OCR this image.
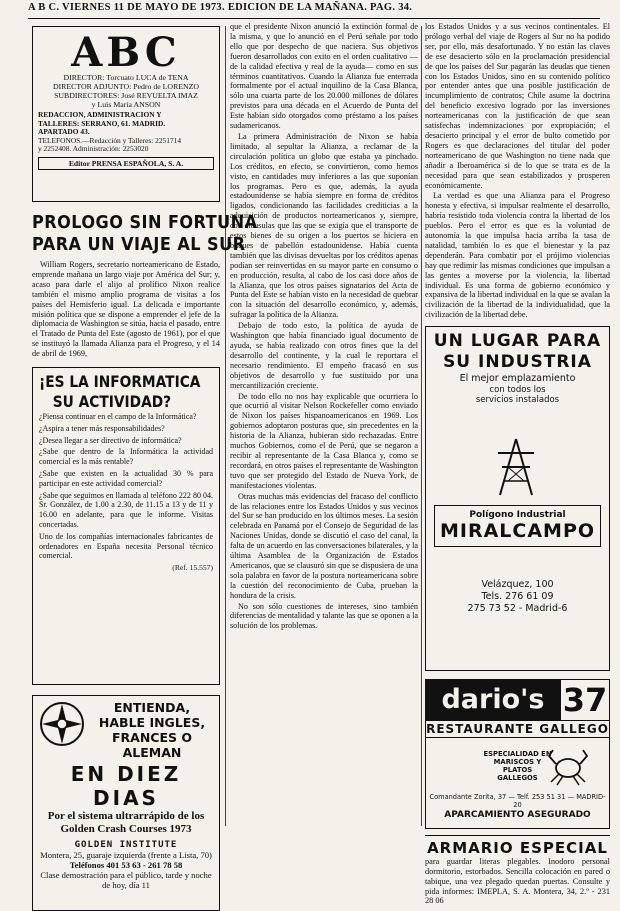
A B C. VIERNES 11 DE MAYO DE 1973. EDICION DE LA MAÑANA. PAG. 34.
ABC
DIRECTOR: Torcuato LUCA de TENA
DIRECTOR ADJUNTO: Pedro de LORENZO
SUBDIRECTORES: José REVUELTA IMAZ
y Luis María ANSON
REDACCION, ADMINISTRACION Y
TALLERES: SERRANO, 61. MADRID.
APARTADO 43.
TELEFONOS.—Redacción y Talleres: 2251714
y 2252408. Administración: 2253020
Editor PRENSA ESPAÑOLA, S. A.
PROLOGO SIN FORTUNA
PARA UN VIAJE AL SUR

William Rogers, secretario norteamericano de Estado, emprende mañana un largo viaje por América del Sur; y, acaso para darle el alijo al prolífico Nixon realice también el mismo amplio programa de visitas a los países del Hemisferio igual. La delicada e importante misión política que se dispone a emprender el jefe de la diplomacia de Washington se sitúa, hacia el pasado, entre el Tratado de Punta del Este (agosto de 1961), por el que se instituyó la llamada Alianza para el Progreso, y el 14 de abril de 1969,

¡ES LA INFORMATICA
SU ACTIVIDAD?
¿Piensa continuar en el campo de la Informática?
¿Aspira a tener más responsabilidades?
¿Desea llegar a ser directivo de informática?
¿Sabe que dentro de la Informática la actividad comercial es la más rentable?
¿Sabe que existen en la actualidad 30 % para participar en este actividad comercial?
¿Sabe que seguimos en llamada al teléfono 222 80 04. Sr. González, de 1.00 a 2.30, de 11.15 a 13 y de 11 y 16.00 en adelante, para que le informe. Visitas concertadas.
Uno de los compañías internacionales fabricantes de ordenadores en España necesita Personal técnico comercial.
(Ref. 15.557)
ENTIENDA, HABLE INGLES, FRANCES O ALEMAN
EN DIEZ DIAS
Por el sistema ultrarrápido de los Golden Crash Courses 1973
GOLDEN INSTITUTE
Montera, 25, guaraje izquierda (frente a Lista, 70)
Teléfonos 401 53 63 - 261 78 58
Clase demostración para el público, tarde y noche de hoy, día 11

que el presidente Nixon anunció la extinción formal de la misma, y que lo anunció en el Perú señale por todo ello que por despecho de que naciera. Sus objetivos fueron desarrollados con exito en el orden cualitativo —de la calidad efectiva y real de la ayuda— como en sus términos cuantitativos. Cuando la Alianza fue enterrada formalmente por el actual inquilino de la Casa Blanca, sólo una cuarta parte de los 20.000 millones de dólares previstos para una década en el Acuerdo de Punta del Este habían sido otorgados como préstamo a los países sudamericanos.

La primera Administración de Nixon se había limitado, al sepultar la Alianza, a reclamar de la circulación política un globo que estaba ya pinchado. Los créditos, en efecto, se convirtieron, como hemos visto, en cantidades muy inferiores a las que suponían los programas. Pero es que, además, la ayuda estadounidense se había siempre en forma de créditos ligados, condicionando las facilidades crediticias a la adquisición de productos norteamericanos y, siempre, con cláusulas que las que se exigía que el transporte de estos bienes de su origen a los puertos se hiciera en buques de pabellón estadounidense. Había cuenta también que las divisas devueltas por los créditos apenas podían ser reinvertidas en su mayor parte en consumo o en producción, resulta, al cabo de los casi doce años de la Alianza, que los otros países signatarios del Acta de Punta del Este se habían visto en la necesidad de quebrar con la situación del desarrollo económico, y, además, sufragar la política de la Alianza.

Debajo de todo esto, la política de ayuda de Washington que había financiado igual documento de ayuda, se había realizado con otros fines que la del desarrollo del continente, y la cual le reportara el necesario rendimiento. El empeño fracasó en sus objetivos de desarrollo y fue sustituido por una mercantilización creciente.

De todo ello no nos hay explicable que ocurriera lo que ocurrió al visitar Nelson Rockefeller como enviado de Nixon los países hispanoamericanos en 1969. Los gobiernos adoptaron posturas que, sin precedentes en la historia de la Alianza, hubieran sido rechazadas. Entre muchos Gobiernos, como el de Perú, que se negaron a recibir al representante de la Casa Blanca y, como se recordará, en otros países el representante de Washington tuvo que ser protegido del Estado de Nueva York, de manifestaciones violentas.

Otras muchas más evidencias del fracaso del conflicto de las relaciones entre los Estados Unidos y sus vecinos del Sur se han producido en los últimos meses. La sesión celebrada en Panamá por el Consejo de Seguridad de las Naciones Unidas, donde se discutió el caso del canal, la falta de un acuerdo en las conversaciones bilaterales, y la última Asamblea de la Organización de Estados Americanos, que se clausuró sin que se dispusiera de una sola palabra en favor de la postura norteamericana sobre la cuestión del reconocimiento de Cuba, prueban la hondura de la crisis.

No son sólo cuestiones de intereses, sino también diferencias de mentalidad y talante las que se oponen a la solución de los problemas.

los Estados Unidos y a sus vecinos continentales. El prólogo verbal del viaje de Rogers al Sur no ha podido ser, por ello, más desafortunado. Y no están las claves de ese desacierto sólo en la proclamación presidencial de que los países del Sur pagarán las deudas que tienen con los Estados Unidos, sino en su contenido político por entender antes que una posible justificación de incumplimiento de contratos; Chile asume la doctrina del beneficio excesivo logrado por las inversiones norteamericanas con la justificación de que sean satisfechas indemnizaciones por expropiación; el desacierto principal y el error de bulto cometido por Rogers es que declaraciones del titular del poder norteamericano de que Washington no tiene nada que añadir a Iberoamérica si de lo que se trata es de la necesidad para que sean estabilizados y prosperen económicamente.

La verdad es que una Alianza para el Progreso honesta y efectiva, si impulsar realmente el desarrollo, habría resistido toda violencia contra la libertad de los pueblos. Pero el error es que es la voluntad de autonomía la que impulsa hacia arriba la tasa de natalidad, también lo es que el bienestar y la paz dependerán. Para combatir por el prójimo violencias hay que redimir las mismas condiciones que impulsan a las gentes a moverse por la violencia, la libertad individual. Es una forma de gobierno económico y expansiva de la libertad individual en la que se avalan la civilización de la libertad de la individualidad, que la civilización de la libertad debe.

UN LUGAR PARA
SU INDUSTRIA
El mejor emplazamiento
con todos los
servicios instalados
Polígono Industrial
MIRALCAMPO
Velázquez, 100
Tels. 276 61 09
275 73 52 - Madrid-6
dario's 37
RESTAURANTE GALLEGO
ESPECIALIDAD EN MARISCOS Y PLATOS GALLEGOS
Comandante Zorita, 37 — Telf. 253 51 31 — MADRID-20
APARCAMIENTO ASEGURADO
ARMARIO ESPECIAL
para guardar literas plegables. Inodoro personal dormitorio, estorbados. Sencilla colocación en pared o tabique, una vez plegado quedan puertas. Consulte y pida informes: IMEPLA, S. A. Montera, 34, 2.º - 231 28 06
